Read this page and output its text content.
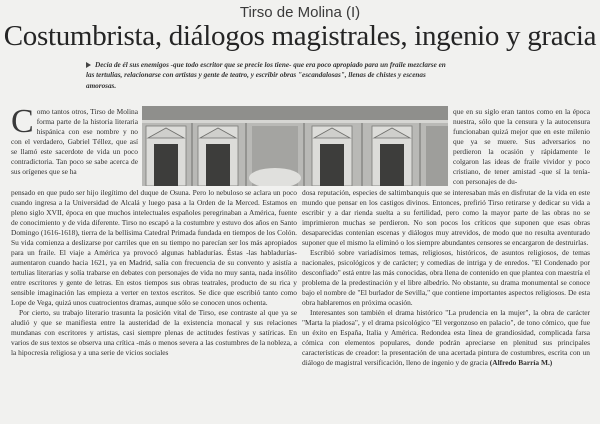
Tirso de Molina (I)
Costumbrista, diálogos magistrales, ingenio y gracia
Decía de él sus enemigos -que todo escritor que se precie los tiene- que era poco apropiado para un fraile mezclarse en las tertulias, relacionarse con artistas y gente de teatro, y escribir obras "escandalosas", llenas de chistes y escenas amorosas.

Como tantos otros, Tirso de Molina forma parte de la historia literaria hispánica con ese nombre y no con el verdadero, Gabriel Téllez, que así se llamó este sacerdote de vida un poco contradictoria. Tan poco se sabe acerca de sus orígenes que se ha

pensado en que pudo ser hijo ilegítimo del duque de Osuna. Pero lo nebuloso se aclara un poco cuando ingresa a la Universidad de Alcalá y luego pasa a la Orden de la Merced. Estamos en pleno siglo XVII, época en que muchos intelectuales españoles peregrinaban a América, fuente de conocimiento y de vida diferente. Tirso no escapó a la costumbre y estuvo dos años en Santo Domingo (1616-1618), tierra de la bellísima Catedral Primada fundada en tiempos de los Colón. Su vida comienza a deslizarse por carriles que en su tiempo no parecían ser los más apropiados para un fraile. El viaje a América ya provocó algunas habladurías. Éstas -las habladurías- aumentaron cuando hacia 1621, ya en Madrid, salía con frecuencia de su convento y asistía a tertulias literarias y solía trabarse en debates con personajes de vida no muy santa, nada insólito entre escritores y gente de letras. En estos tiempos sus obras teatrales, producto de su rica y sensible imaginación las empieza a verter en textos escritos. Se dice que escribió tanto como Lope de Vega, quizá unos cuatrocientos dramas, aunque sólo se conocen unos ochenta.

Por cierto, su trabajo literario trasunta la posición vital de Tirso, ese contraste al que ya se aludió y que se manifiesta entre la austeridad de la existencia monacal y sus relaciones mundanas con escritores y artistas, casi siempre plenas de actitudes festivas y satíricas. En varios de sus textos se observa una crítica -más o menos severa a las costumbres de la nobleza, a la hipocresía religiosa y a una serie de vicios sociales

que en su siglo eran tantos como en la época nuestra, sólo que la censura y la autocensura funcionaban quizá mejor que en este milenio que ya se muere. Sus adversarios no perdieron la ocasión y rápidamente le colgaron las ideas de fraile vividor y poco cristiano, de tener amistad -que sí la tenía- con personajes de du-

dosa reputación, especies de saltimbanquis que se interesaban más en disfrutar de la vida en este mundo que pensar en los castigos divinos. Entonces, prefirió Tirso retirarse y dedicar su vida a escribir y a dar rienda suelta a su fertilidad, pero como la mayor parte de las obras no se imprimieron muchas se perdieron. No son pocos los críticos que suponen que esas obras desaparecidas contenían escenas y diálogos muy atrevidos, de modo que no resulta aventurado suponer que el mismo la eliminó o los siempre abundantes censores se encargaron de destruirlas.

Escribió sobre variadísimos temas, religiosos, históricos, de asuntos religiosos, de temas nacionales, psicológicos y de carácter; y comedias de intriga y de enredos. "El Condenado por desconfiado" está entre las más conocidas, obra llena de contenido en que plantea con maestría el problema de la predestinación y el libre albedrío. No obstante, su drama monumental se conoce bajo el nombre de "El burlador de Sevilla," que contiene importantes aspectos religiosos. De esta obra hablaremos en próxima ocasión.

Interesantes son también el drama histórico "La prudencia en la mujer", la obra de carácter "Marta la piadosa", y el drama psicológico "El vergonzoso en palacio", de tono cómico, que fue un éxito en España, Italia y América. Redondea esta línea de grandiosidad, complicada farsa cómica con elementos populares, donde podrán apreciarse en plenitud sus principales características de creador: la presentación de una acertada pintura de costumbres, escrita con un diálogo de magistral versificación, lleno de ingenio y de gracia (Alfredo Barría M.)
